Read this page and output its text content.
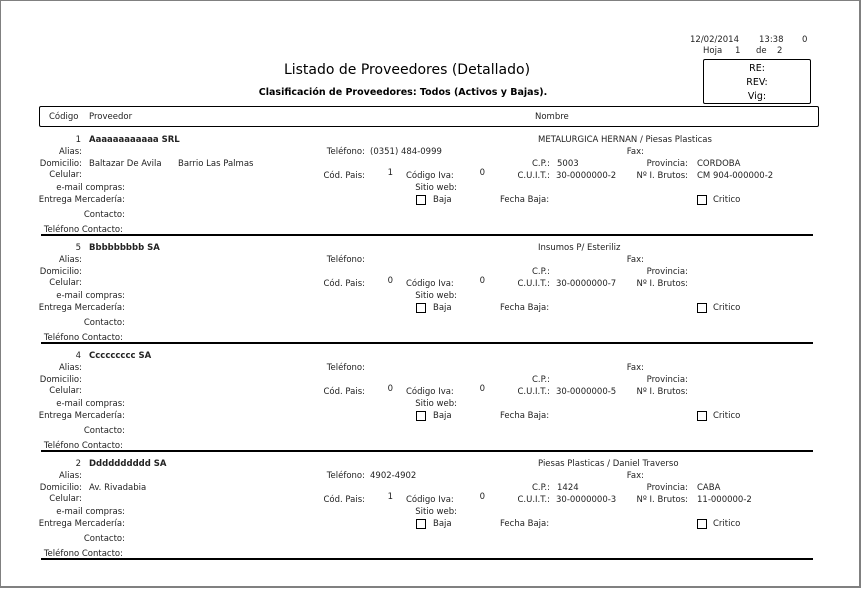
12/02/2014 13:38 0
Hoja 1 de 2
Listado de Proveedores (Detallado)
Clasificación de Proveedores: Todos (Activos y Bajas).
RE:
REV:
Vig:
Código Proveedor	Nombre
1 Aaaaaaaaaaaa SRL	METALURGICA HERNAN / Piesas Plasticas
Alias:	Teléfono: (0351) 484-0999	Fax:
Domicilio: Baltazar De Avila Barrio Las Palmas	C.P.: 5003	Provincia: CORDOBA
Celular:	Cód. Pais:	1 Código Iva:	0	C.U.I.T.: 30-0000000-2	Nº I. Brutos: CM 904-000000-2
e-mail compras:	Sitio web:
Entrega Mercadería:	Baja	Fecha Baja:	Critico
Contacto:
Teléfono Contacto:
5 Bbbbbbbbb SA	Insumos P/ Esteriliz
Alias:	Teléfono:	Fax:
Domicilio:	C.P.:	Provincia:
Celular:	Cód. Pais:	0 Código Iva:	0	C.U.I.T.: 30-0000000-7	Nº I. Brutos:
e-mail compras:	Sitio web:
Entrega Mercadería:	Baja	Fecha Baja:	Critico
Contacto:
Teléfono Contacto:
4 Ccccccccc SA
Alias:	Teléfono:	Fax:
Domicilio:	C.P.:	Provincia:
Celular:	Cód. Pais:	0 Código Iva:	0	C.U.I.T.: 30-0000000-5	Nº I. Brutos:
e-mail compras:	Sitio web:
Entrega Mercadería:	Baja	Fecha Baja:	Critico
Contacto:
Teléfono Contacto:
2 Dddddddddd SA	Piesas Plasticas / Daniel Traverso
Alias:	Teléfono: 4902-4902	Fax:
Domicilio: Av. Rivadabia	C.P.: 1424	Provincia: CABA
Celular:	Cód. Pais:	1 Código Iva:	0	C.U.I.T.: 30-0000000-3	Nº I. Brutos: 11-000000-2
e-mail compras:	Sitio web:
Entrega Mercadería:	Baja	Fecha Baja:	Critico
Contacto:
Teléfono Contacto:
